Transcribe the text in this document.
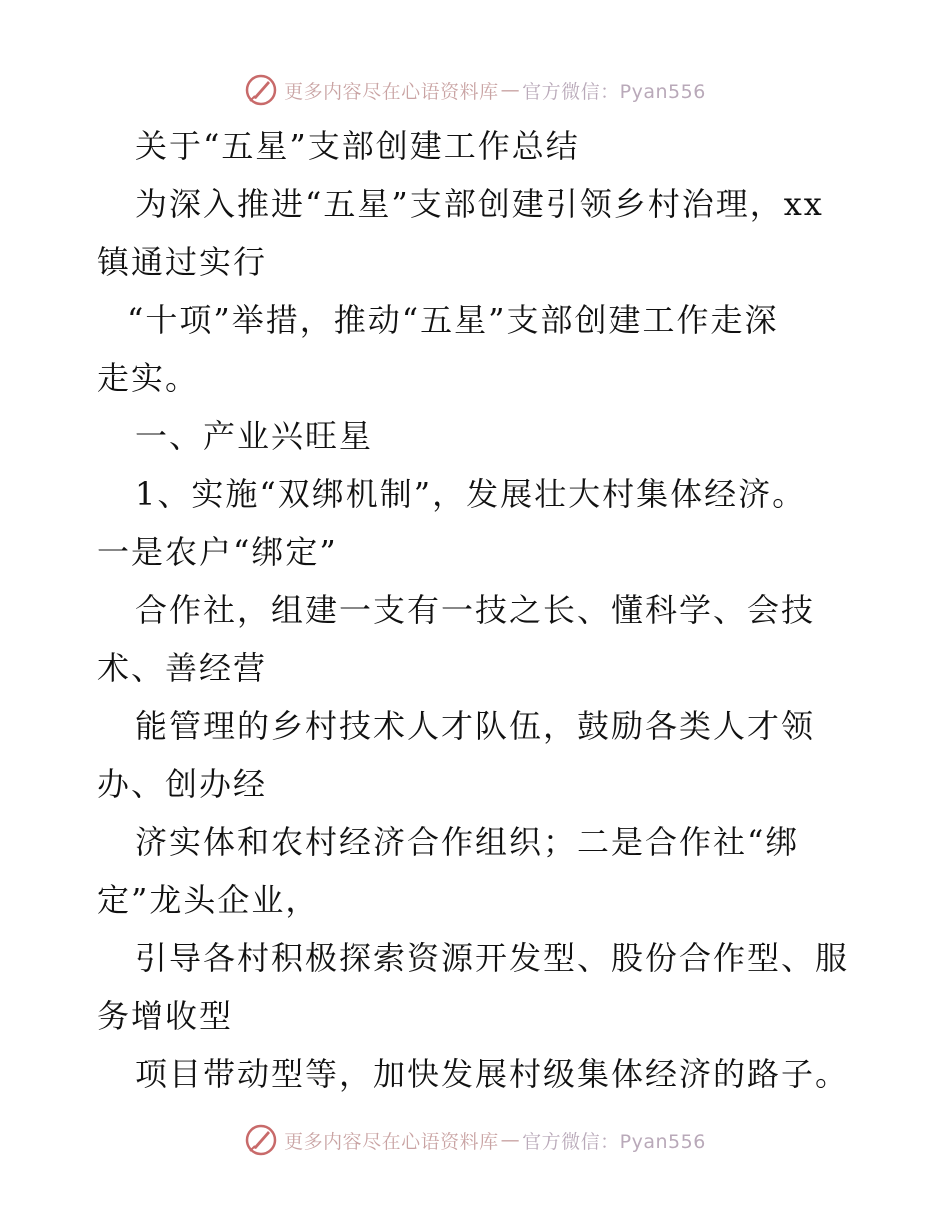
更多内容尽在心语资料库 — 官方微信：Pyan556
关于“五星”支部创建工作总结
为深入推进“五星”支部创建引领乡村治理，xx
镇通过实行
“十项”举措，推动“五星”支部创建工作走深
走实。
一、产业兴旺星
1、实施“双绑机制”，发展壮大村集体经济。
一是农户“绑定”
合作社，组建一支有一技之长、懂科学、会技
术、善经营
能管理的乡村技术人才队伍，鼓励各类人才领
办、创办经
济实体和农村经济合作组织；二是合作社“绑
定”龙头企业，
引导各村积极探索资源开发型、股份合作型、服
务增收型
项目带动型等，加快发展村级集体经济的路子。
更多内容尽在心语资料库 — 官方微信：Pyan556
